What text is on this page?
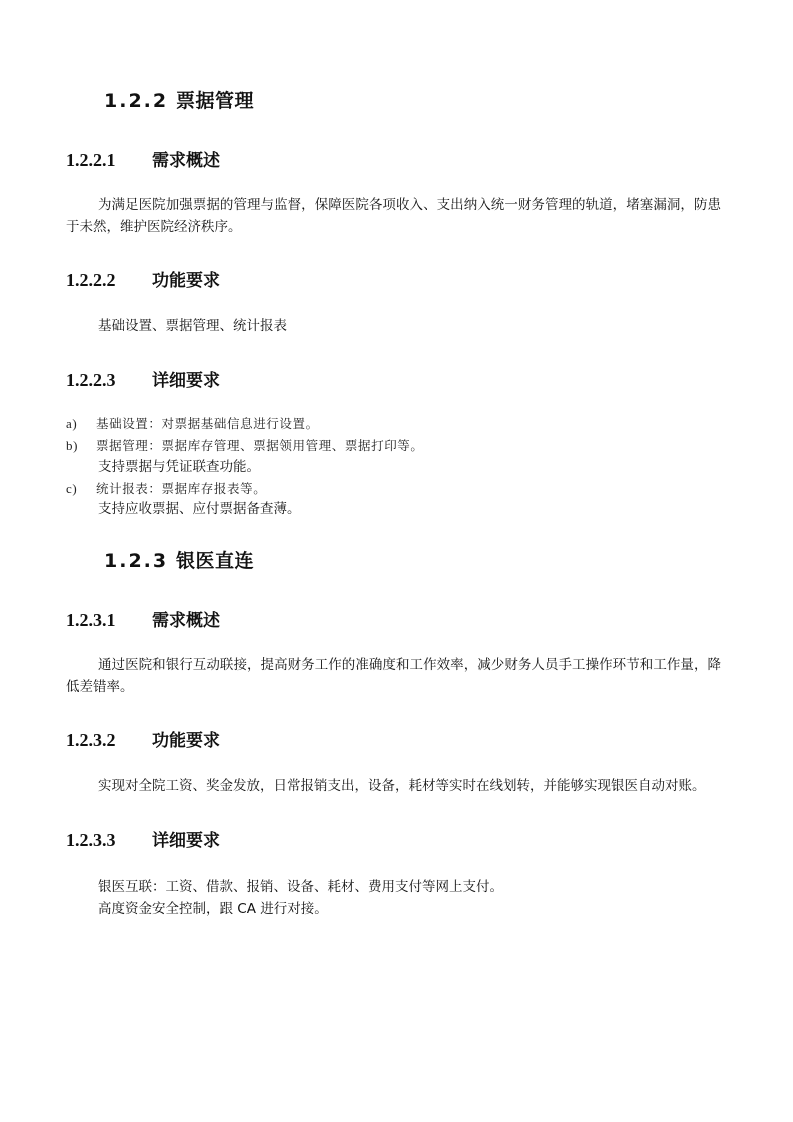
1.2.2 票据管理
1.2.2.1 需求概述
为满足医院加强票据的管理与监督，保障医院各项收入、支出纳入统一财务管理的轨道，堵塞漏洞，防患于未然，维护医院经济秩序。
1.2.2.2 功能要求
基础设置、票据管理、统计报表
1.2.2.3 详细要求
a) 基础设置：对票据基础信息进行设置。
b) 票据管理：票据库存管理、票据领用管理、票据打印等。
支持票据与凭证联查功能。
c) 统计报表：票据库存报表等。
支持应收票据、应付票据备查薄。
1.2.3 银医直连
1.2.3.1 需求概述
通过医院和银行互动联接，提高财务工作的准确度和工作效率，减少财务人员手工操作环节和工作量，降低差错率。
1.2.3.2 功能要求
实现对全院工资、奖金发放，日常报销支出，设备，耗材等实时在线划转，并能够实现银医自动对账。
1.2.3.3 详细要求
银医互联：工资、借款、报销、设备、耗材、费用支付等网上支付。
高度资金安全控制，跟 CA 进行对接。
